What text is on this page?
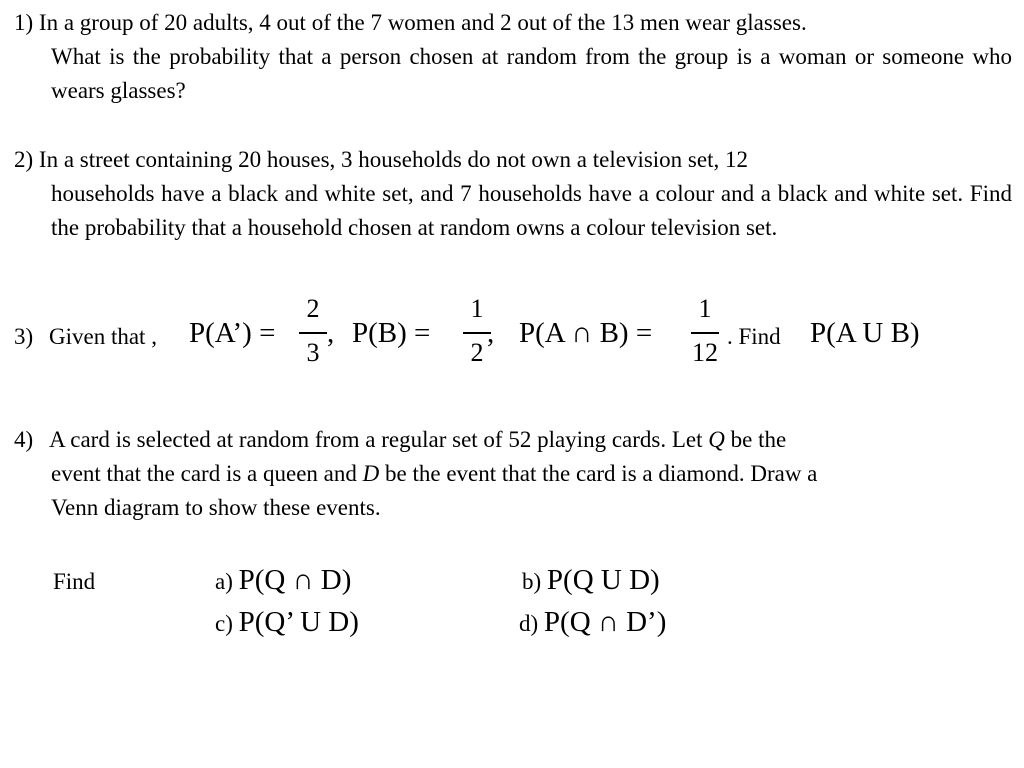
1) In a group of 20 adults, 4 out of the 7 women and 2 out of the 13 men wear glasses.

What is the probability that a person chosen at random from the group is a woman or someone who wears glasses?

2) In a street containing 20 houses, 3 households do not own a television set, 12

households have a black and white set, and 7 households have a colour and a black and white set. Find the probability that a household chosen at random owns a colour television set.

3) Given that , P(A’) =
2
3
, P(B) =
1
2
, P(A ∩ B) =
1
12
. Find P(A U B)

4) A card is selected at random from a regular set of 52 playing cards. Let Q be the

event that the card is a queen and D be the event that the card is a diamond. Draw a

Venn diagram to show these events.

Find	a) P(Q ∩ D)	b) P(Q U D)
c) P(Q’ U D)	d) P(Q ∩ D’)
